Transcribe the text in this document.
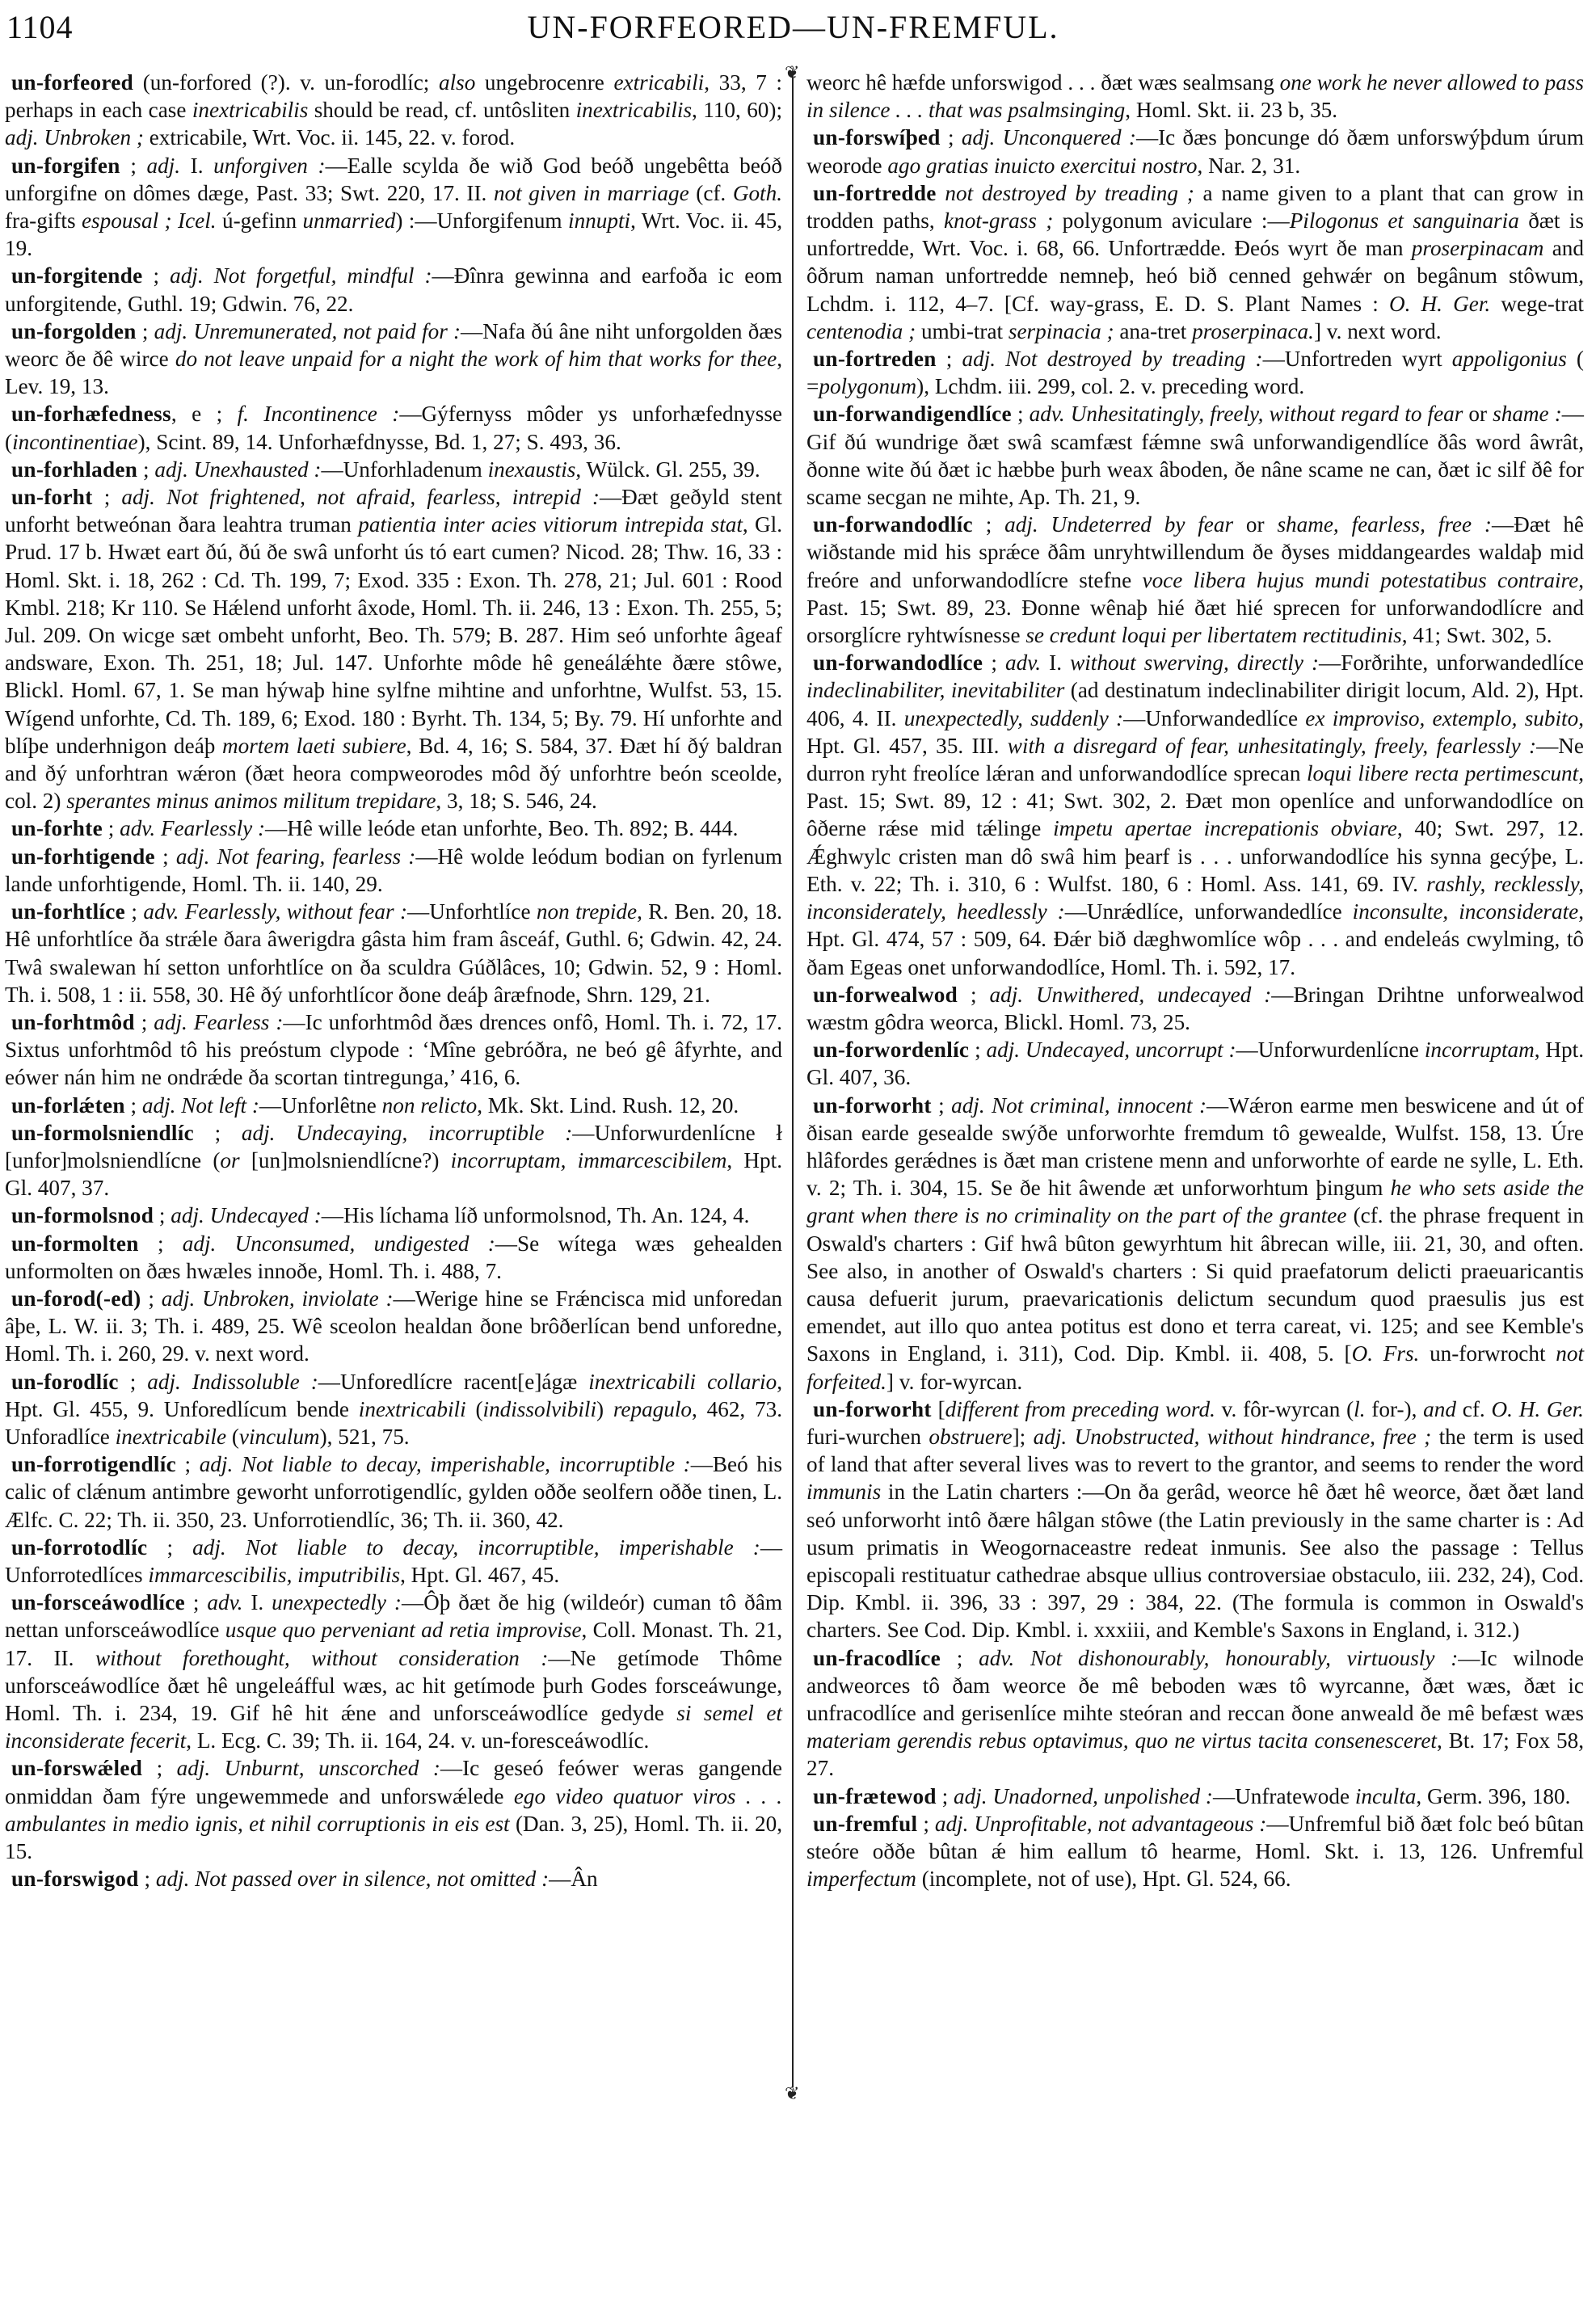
1104	UN-FORFEORED—UN-FREMFUL.

un-forfeored (un-forfored (?). v. un-forodlíc; also ungebrocenre extricabili, 33, 7 : perhaps in each case inextricabilis should be read, cf. untôsliten inextricabilis, 110, 60); adj. Unbroken ; extricabile, Wrt. Voc. ii. 145, 22. v. forod.

un-forgifen ; adj. I. unforgiven :—Ealle scylda ðe wið God beóð ungebêtta beóð unforgifne on dômes dæge, Past. 33; Swt. 220, 17. II. not given in marriage (cf. Goth. fra-gifts espousal ; Icel. ú-gefinn unmarried) :—Unforgifenum innupti, Wrt. Voc. ii. 45, 19.

un-forgitende ; adj. Not forgetful, mindful :—Ðînra gewinna and earfoða ic eom unforgitende, Guthl. 19; Gdwin. 76, 22.

un-forgolden ; adj. Unremunerated, not paid for :—Nafa ðú âne niht unforgolden ðæs weorc ðe ðê wirce do not leave unpaid for a night the work of him that works for thee, Lev. 19, 13.

un-forhæfedness, e ; f. Incontinence :—Gýfernyss môder ys unforhæfednysse (incontinentiae), Scint. 89, 14. Unforhæfdnysse, Bd. 1, 27; S. 493, 36.

un-forhladen ; adj. Unexhausted :—Unforhladenum inexaustis, Wülck. Gl. 255, 39.

un-forht ; adj. Not frightened, not afraid, fearless, intrepid :—Ðæt geðyld stent unforht betweónan ðara leahtra truman patientia inter acies vitiorum intrepida stat, Gl. Prud. 17 b. Hwæt eart ðú, ðú ðe swâ unforht ús tó eart cumen? Nicod. 28; Thw. 16, 33 : Homl. Skt. i. 18, 262 : Cd. Th. 199, 7; Exod. 335 : Exon. Th. 278, 21; Jul. 601 : Rood Kmbl. 218; Kr 110. Se Hǽlend unforht âxode, Homl. Th. ii. 246, 13 : Exon. Th. 255, 5; Jul. 209. On wicge sæt ombeht unforht, Beo. Th. 579; B. 287. Him seó unforhte âgeaf andsware, Exon. Th. 251, 18; Jul. 147. Unforhte môde hê geneálǽhte ðære stôwe, Blickl. Homl. 67, 1. Se man hýwaþ hine sylfne mihtine and unforhtne, Wulfst. 53, 15. Wígend unforhte, Cd. Th. 189, 6; Exod. 180 : Byrht. Th. 134, 5; By. 79. Hí unforhte and blíþe underhnigon deáþ mortem laeti subiere, Bd. 4, 16; S. 584, 37. Ðæt hí ðý baldran and ðý unforhtran wǽron (ðæt heora compweorodes môd ðý unforhtre beón sceolde, col. 2) sperantes minus animos militum trepidare, 3, 18; S. 546, 24.

un-forhte ; adv. Fearlessly :—Hê wille leóde etan unforhte, Beo. Th. 892; B. 444.

un-forhtigende ; adj. Not fearing, fearless :—Hê wolde leódum bodian on fyrlenum lande unforhtigende, Homl. Th. ii. 140, 29.

un-forhtlíce ; adv. Fearlessly, without fear :—Unforhtlíce non trepide, R. Ben. 20, 18. Hê unforhtlíce ða strǽle ðara âwerigdra gâsta him fram âsceáf, Guthl. 6; Gdwin. 42, 24. Twâ swalewan hí setton unforhtlíce on ða sculdra Gúðlâces, 10; Gdwin. 52, 9 : Homl. Th. i. 508, 1 : ii. 558, 30. Hê ðý unforhtlícor ðone deáþ âræfnode, Shrn. 129, 21.

un-forhtmôd ; adj. Fearless :—Ic unforhtmôd ðæs drences onfô, Homl. Th. i. 72, 17. Sixtus unforhtmôd tô his preóstum clypode : ‘Mîne gebróðra, ne beó gê âfyrhte, and eówer nán him ne ondrǽde ða scortan tintregunga,’ 416, 6.

un-forlǽten ; adj. Not left :—Unforlêtne non relicto, Mk. Skt. Lind. Rush. 12, 20.

un-formolsniendlíc ; adj. Undecaying, incorruptible :—Unforwurdenlícne ł [unfor]molsniendlícne (or [un]molsniendlícne?) incorruptam, immarcescibilem, Hpt. Gl. 407, 37.

un-formolsnod ; adj. Undecayed :—His líchama líð unformolsnod, Th. An. 124, 4.

un-formolten ; adj. Unconsumed, undigested :—Se wítega wæs gehealden unformolten on ðæs hwæles innoðe, Homl. Th. i. 488, 7.

un-forod(-ed) ; adj. Unbroken, inviolate :—Werige hine se Frǽncisca mid unforedan âþe, L. W. ii. 3; Th. i. 489, 25. Wê sceolon healdan ðone brôðerlícan bend unforedne, Homl. Th. i. 260, 29. v. next word.

un-forodlíc ; adj. Indissoluble :—Unforedlícre racent[e]ágæ inextricabili collario, Hpt. Gl. 455, 9. Unforedlícum bende inextricabili (indissolvibili) repagulo, 462, 73. Unforadlíce inextricabile (vinculum), 521, 75.

un-forrotigendlíc ; adj. Not liable to decay, imperishable, incorruptible :—Beó his calic of clǽnum antimbre geworht unforrotigendlíc, gylden oððe seolfern oððe tinen, L. Ælfc. C. 22; Th. ii. 350, 23. Unforrotiendlíc, 36; Th. ii. 360, 42.

un-forrotodlíc ; adj. Not liable to decay, incorruptible, imperishable :—Unforrotedlíces immarcescibilis, imputribilis, Hpt. Gl. 467, 45.

un-forsceáwodlíce ; adv. I. unexpectedly :—Ôþ ðæt ðe hig (wildeór) cuman tô ðâm nettan unforsceáwodlíce usque quo perveniant ad retia improvise, Coll. Monast. Th. 21, 17. II. without forethought, without consideration :—Ne getímode Thôme unforsceáwodlíce ðæt hê ungeleáfful wæs, ac hit getímode þurh Godes forsceáwunge, Homl. Th. i. 234, 19. Gif hê hit ǽne and unforsceáwodlíce gedyde si semel et inconsiderate fecerit, L. Ecg. C. 39; Th. ii. 164, 24. v. un-foresceáwodlíc.

un-forswǽled ; adj. Unburnt, unscorched :—Ic geseó feówer weras gangende onmiddan ðam fýre ungewemmede and unforswǽlede ego video quatuor viros . . . ambulantes in medio ignis, et nihil corruptionis in eis est (Dan. 3, 25), Homl. Th. ii. 20, 15.

un-forswigod ; adj. Not passed over in silence, not omitted :—Ân

❦
❦

weorc hê hæfde unforswigod . . . ðæt wæs sealmsang one work he never allowed to pass in silence . . . that was psalmsinging, Homl. Skt. ii. 23 b, 35.

un-forswíþed ; adj. Unconquered :—Ic ðæs þoncunge dó ðæm unforswýþdum úrum weorode ago gratias inuicto exercitui nostro, Nar. 2, 31.

un-fortredde not destroyed by treading ; a name given to a plant that can grow in trodden paths, knot-grass ; polygonum aviculare :—Pilogonus et sanguinaria ðæt is unfortredde, Wrt. Voc. i. 68, 66. Unfortrædde. Ðeós wyrt ðe man proserpinacam and ôðrum naman unfortredde nemneþ, heó bið cenned gehwǽr on begânum stôwum, Lchdm. i. 112, 4–7. [Cf. way-grass, E. D. S. Plant Names : O. H. Ger. wege-trat centenodia ; umbi-trat serpinacia ; ana-tret proserpinaca.] v. next word.

un-fortreden ; adj. Not destroyed by treading :—Unfortreden wyrt appoligonius ( =polygonum), Lchdm. iii. 299, col. 2. v. preceding word.

un-forwandigendlíce ; adv. Unhesitatingly, freely, without regard to fear or shame :—Gif ðú wundrige ðæt swâ scamfæst fǽmne swâ unforwandigendlíce ðâs word âwrât, ðonne wite ðú ðæt ic hæbbe þurh weax âboden, ðe nâne scame ne can, ðæt ic silf ðê for scame secgan ne mihte, Ap. Th. 21, 9.

un-forwandodlíc ; adj. Undeterred by fear or shame, fearless, free :—Ðæt hê wiðstande mid his sprǽce ðâm unryhtwillendum ðe ðyses middangeardes waldaþ mid freóre and unforwandodlícre stefne voce libera hujus mundi potestatibus contraire, Past. 15; Swt. 89, 23. Ðonne wênaþ hié ðæt hié sprecen for unforwandodlícre and orsorglícre ryhtwísnesse se credunt loqui per libertatem rectitudinis, 41; Swt. 302, 5.

un-forwandodlíce ; adv. I. without swerving, directly :—Forðrihte, unforwandedlíce indeclinabiliter, inevitabiliter (ad destinatum indeclinabiliter dirigit locum, Ald. 2), Hpt. 406, 4. II. unexpectedly, suddenly :—Unforwandedlíce ex improviso, extemplo, subito, Hpt. Gl. 457, 35. III. with a disregard of fear, unhesitatingly, freely, fearlessly :—Ne durron ryht freolíce lǽran and unforwandodlíce sprecan loqui libere recta pertimescunt, Past. 15; Swt. 89, 12 : 41; Swt. 302, 2. Ðæt mon openlíce and unforwandodlíce on ôðerne rǽse mid tǽlinge impetu apertae increpationis obviare, 40; Swt. 297, 12. Ǽghwylc cristen man dô swâ him þearf is . . . unforwandodlíce his synna gecýþe, L. Eth. v. 22; Th. i. 310, 6 : Wulfst. 180, 6 : Homl. Ass. 141, 69. IV. rashly, recklessly, inconsiderately, heedlessly :—Unrǽdlíce, unforwandedlíce inconsulte, inconsiderate, Hpt. Gl. 474, 57 : 509, 64. Ðǽr bið dæghwomlíce wôp . . . and endeleás cwylming, tô ðam Egeas onet unforwandodlíce, Homl. Th. i. 592, 17.

un-forwealwod ; adj. Unwithered, undecayed :—Bringan Drihtne unforwealwod wæstm gôdra weorca, Blickl. Homl. 73, 25.

un-forwordenlíc ; adj. Undecayed, uncorrupt :—Unforwurdenlícne incorruptam, Hpt. Gl. 407, 36.

un-forworht ; adj. Not criminal, innocent :—Wǽron earme men beswicene and út of ðisan earde gesealde swýðe unforworhte fremdum tô gewealde, Wulfst. 158, 13. Úre hlâfordes gerǽdnes is ðæt man cristene menn and unforworhte of earde ne sylle, L. Eth. v. 2; Th. i. 304, 15. Se ðe hit âwende æt unforworhtum þingum he who sets aside the grant when there is no criminality on the part of the grantee (cf. the phrase frequent in Oswald's charters : Gif hwâ bûton gewyrhtum hit âbrecan wille, iii. 21, 30, and often. See also, in another of Oswald's charters : Si quid praefatorum delicti praeuaricantis causa defuerit jurum, praevaricationis delictum secundum quod praesulis jus est emendet, aut illo quo antea potitus est dono et terra careat, vi. 125; and see Kemble's Saxons in England, i. 311), Cod. Dip. Kmbl. ii. 408, 5. [O. Frs. un-forwrocht not forfeited.] v. for-wyrcan.

un-forworht [different from preceding word. v. fôr-wyrcan (l. for-), and cf. O. H. Ger. furi-wurchen obstruere]; adj. Unobstructed, without hindrance, free ; the term is used of land that after several lives was to revert to the grantor, and seems to render the word immunis in the Latin charters :—On ða gerâd, weorce hê ðæt hê weorce, ðæt ðæt land seó unforworht intô ðære hâlgan stôwe (the Latin previously in the same charter is : Ad usum primatis in Weogornaceastre redeat inmunis. See also the passage : Tellus episcopali restituatur cathedrae absque ullius controversiae obstaculo, iii. 232, 24), Cod. Dip. Kmbl. ii. 396, 33 : 397, 29 : 384, 22. (The formula is common in Oswald's charters. See Cod. Dip. Kmbl. i. xxxiii, and Kemble's Saxons in England, i. 312.)

un-fracodlíce ; adv. Not dishonourably, honourably, virtuously :—Ic wilnode andweorces tô ðam weorce ðe mê beboden wæs tô wyrcanne, ðæt wæs, ðæt ic unfracodlíce and gerisenlíce mihte steóran and reccan ðone anweald ðe mê befæst wæs materiam gerendis rebus optavimus, quo ne virtus tacita consenesceret, Bt. 17; Fox 58, 27.

un-frætewod ; adj. Unadorned, unpolished :—Unfratewode inculta, Germ. 396, 180.

un-fremful ; adj. Unprofitable, not advantageous :—Unfremful bið ðæt folc beó bûtan steóre oððe bûtan ǽ him eallum tô hearme, Homl. Skt. i. 13, 126. Unfremful imperfectum (incomplete, not of use), Hpt. Gl. 524, 66.
